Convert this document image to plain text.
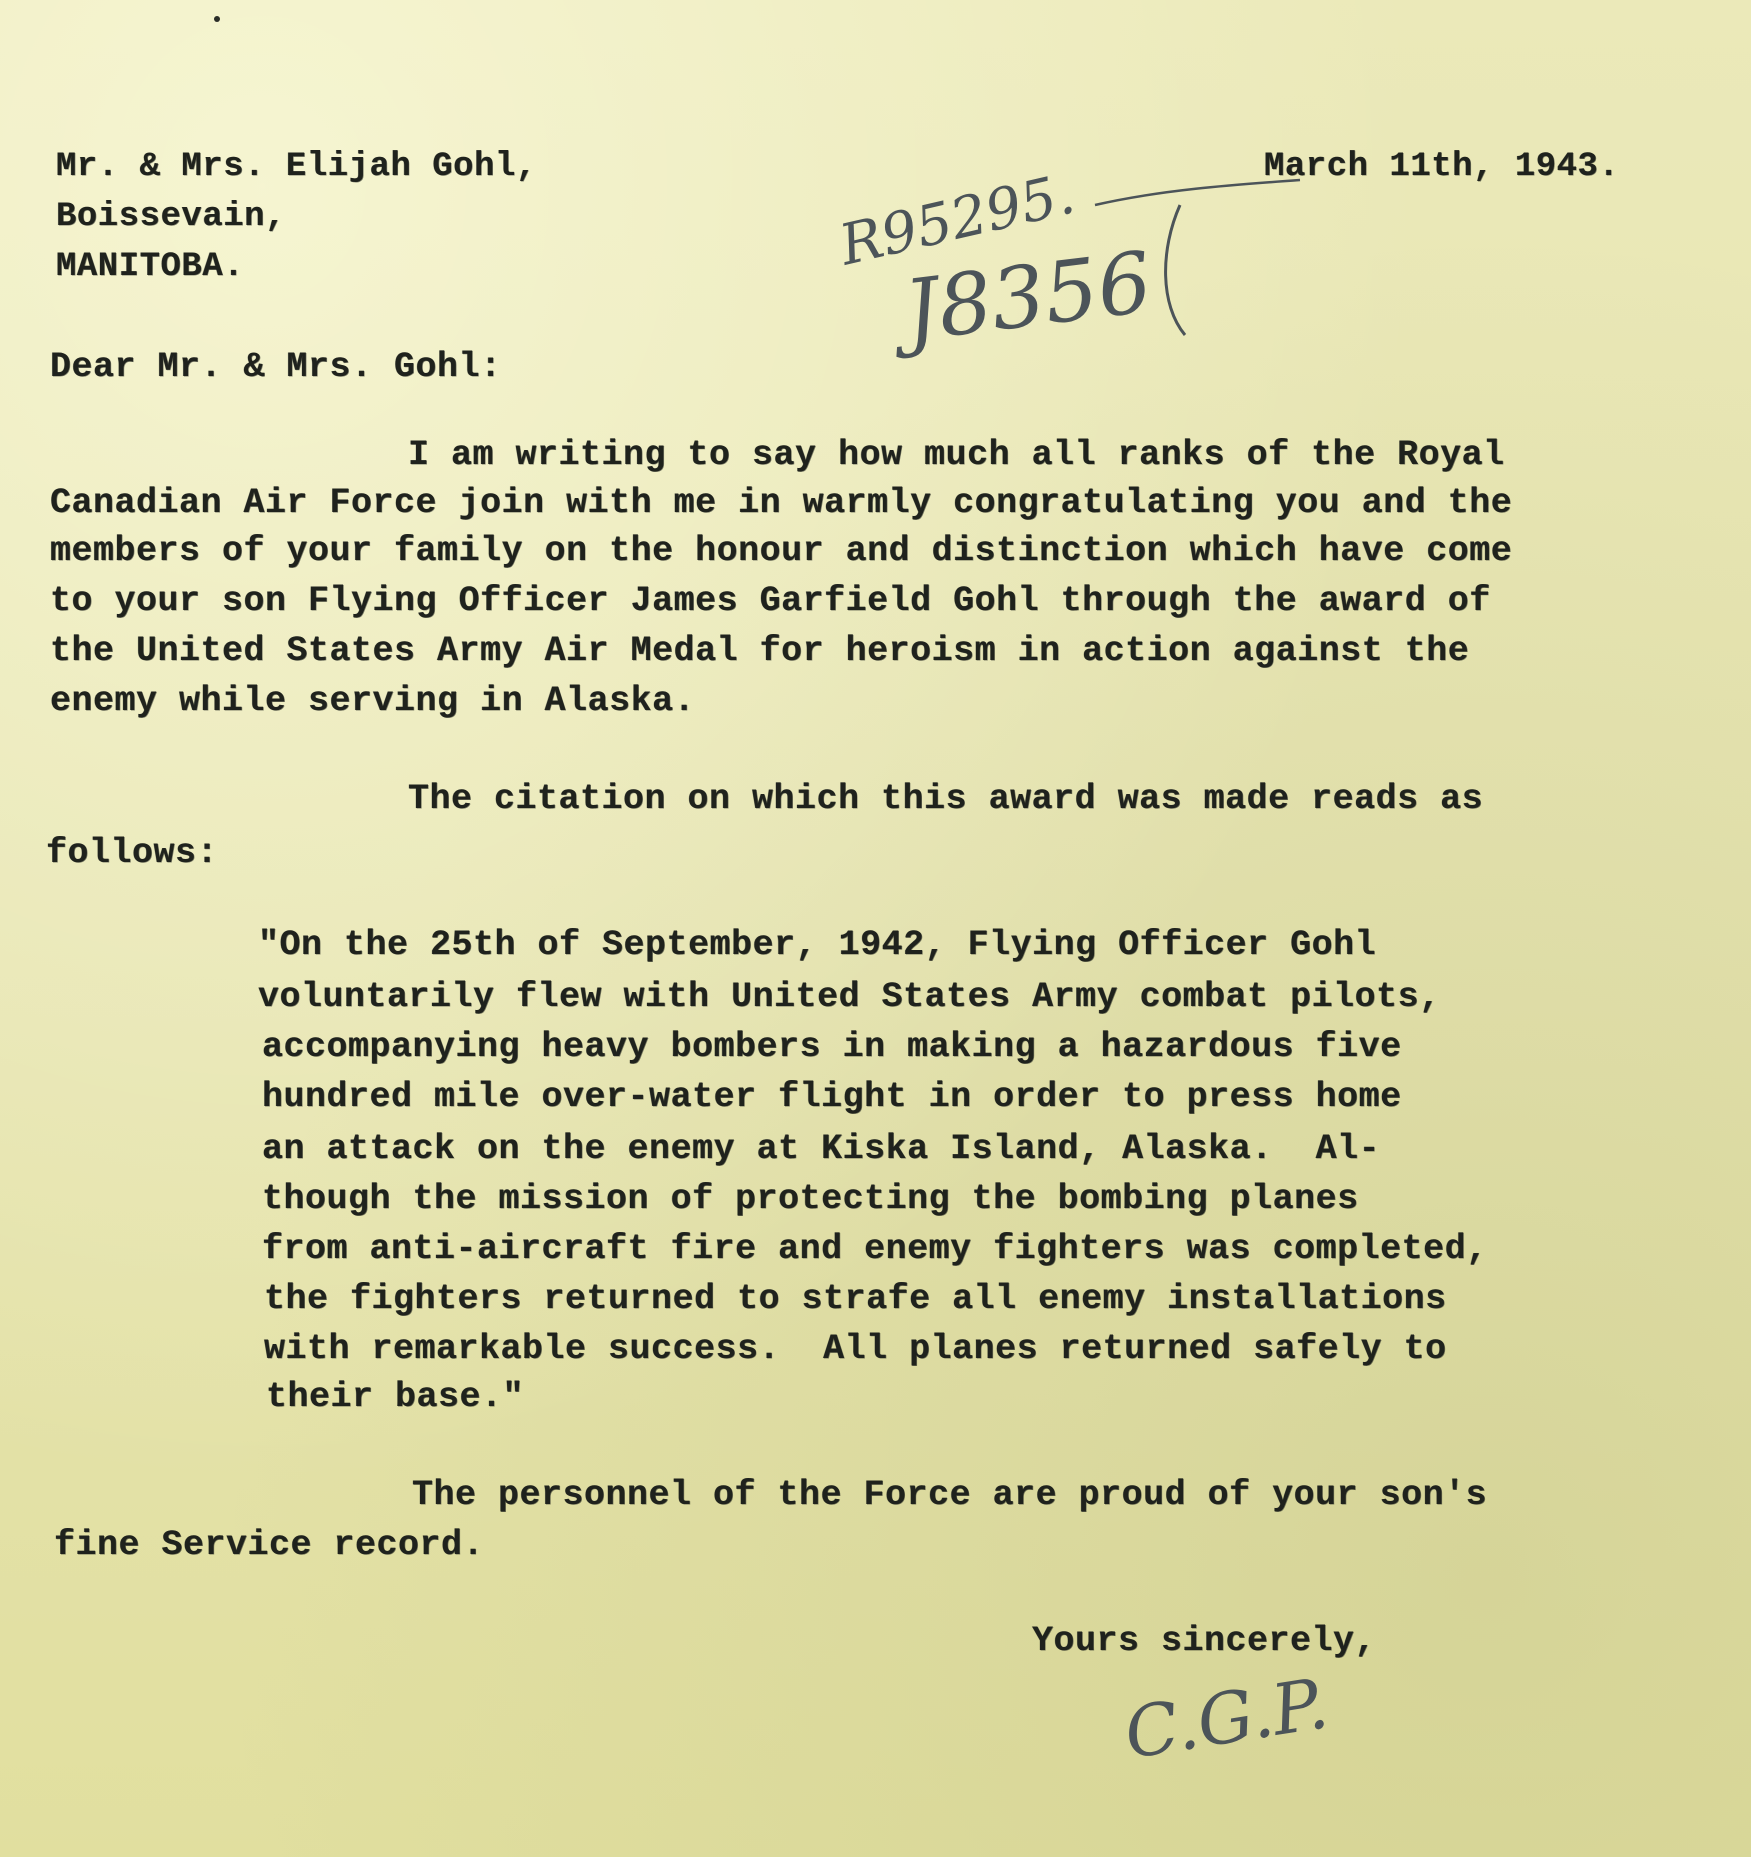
Mr. & Mrs. Elijah Gohl,
Boissevain,
MANITOBA.
March 11th, 1943.
R95295.
J8356
Dear Mr. & Mrs. Gohl:
I am writing to say how much all ranks of the Royal
Canadian Air Force join with me in warmly congratulating you and the
members of your family on the honour and distinction which have come
to your son Flying Officer James Garfield Gohl through the award of
the United States Army Air Medal for heroism in action against the
enemy while serving in Alaska.
The citation on which this award was made reads as
follows:
"On the 25th of September, 1942, Flying Officer Gohl
voluntarily flew with United States Army combat pilots,
accompanying heavy bombers in making a hazardous five
hundred mile over-water flight in order to press home
an attack on the enemy at Kiska Island, Alaska.  Al-
though the mission of protecting the bombing planes
from anti-aircraft fire and enemy fighters was completed,
the fighters returned to strafe all enemy installations
with remarkable success.  All planes returned safely to
their base."
The personnel of the Force are proud of your son's
fine Service record.
Yours sincerely,
C.G.P.
